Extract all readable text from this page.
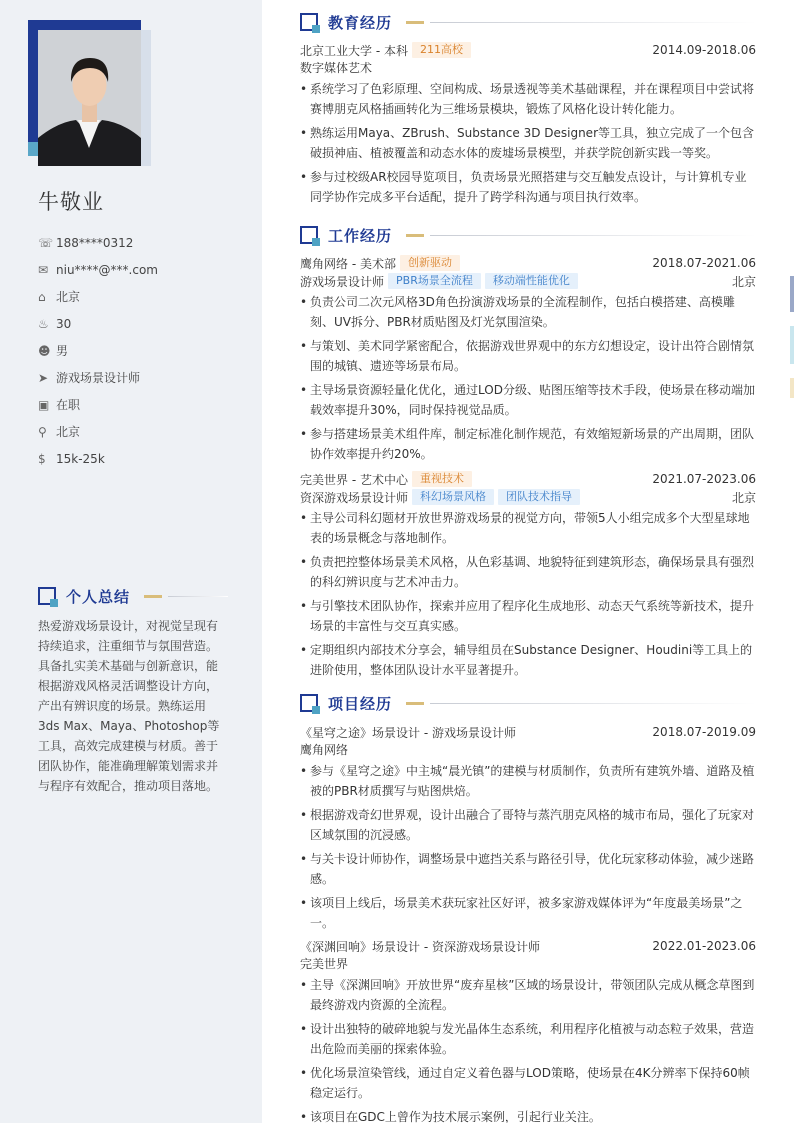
牛敬业
☏ 188****0312
✉ niu****@***.com
⌂ 北京
♨ 30
☻ 男
➤ 游戏场景设计师
▣ 在职
⚲ 北京
$ 15k-25k
个人总结
热爱游戏场景设计，对视觉呈现有持续追求，注重细节与氛围营造。具备扎实美术基础与创新意识，能根据游戏风格灵活调整设计方向，产出有辨识度的场景。熟练运用3ds Max、Maya、Photoshop等工具，高效完成建模与材质。善于团队协作，能准确理解策划需求并与程序有效配合，推动项目落地。
教育经历
北京工业大学 - 本科	211高校	2014.09-2018.06
数字媒体艺术
• 系统学习了色彩原理、空间构成、场景透视等美术基础课程，并在课程项目中尝试将赛博朋克风格插画转化为三维场景模块，锻炼了风格化设计转化能力。
• 熟练运用Maya、ZBrush、Substance 3D Designer等工具，独立完成了一个包含破损神庙、植被覆盖和动态水体的废墟场景模型，并获学院创新实践一等奖。
• 参与过校级AR校园导览项目，负责场景光照搭建与交互触发点设计，与计算机专业同学协作完成多平台适配，提升了跨学科沟通与项目执行效率。
工作经历
鹰角网络 - 美术部	创新驱动	2018.07-2021.06
游戏场景设计师	PBR场景全流程	移动端性能优化	北京
• 负责公司二次元风格3D角色扮演游戏场景的全流程制作，包括白模搭建、高模雕刻、UV拆分、PBR材质贴图及灯光氛围渲染。
• 与策划、美术同学紧密配合，依据游戏世界观中的东方幻想设定，设计出符合剧情氛围的城镇、遗迹等场景布局。
• 主导场景资源轻量化优化，通过LOD分级、贴图压缩等技术手段，使场景在移动端加载效率提升30%，同时保持视觉品质。
• 参与搭建场景美术组件库，制定标准化制作规范，有效缩短新场景的产出周期，团队协作效率提升约20%。
完美世界 - 艺术中心	重视技术	2021.07-2023.06
资深游戏场景设计师	科幻场景风格	团队技术指导	北京
• 主导公司科幻题材开放世界游戏场景的视觉方向，带领5人小组完成多个大型星球地表的场景概念与落地制作。
• 负责把控整体场景美术风格，从色彩基调、地貌特征到建筑形态，确保场景具有强烈的科幻辨识度与艺术冲击力。
• 与引擎技术团队协作，探索并应用了程序化生成地形、动态天气系统等新技术，提升场景的丰富性与交互真实感。
• 定期组织内部技术分享会，辅导组员在Substance Designer、Houdini等工具上的进阶使用，整体团队设计水平显著提升。
项目经历
《星穹之途》场景设计 - 游戏场景设计师	2018.07-2019.09
鹰角网络
• 参与《星穹之途》中主城“晨光镇”的建模与材质制作，负责所有建筑外墙、道路及植被的PBR材质撰写与贴图烘焙。
• 根据游戏奇幻世界观，设计出融合了哥特与蒸汽朋克风格的城市布局，强化了玩家对区域氛围的沉浸感。
• 与关卡设计师协作，调整场景中遮挡关系与路径引导，优化玩家移动体验，减少迷路感。
• 该项目上线后，场景美术获玩家社区好评，被多家游戏媒体评为“年度最美场景”之一。
《深渊回响》场景设计 - 资深游戏场景设计师	2022.01-2023.06
完美世界
• 主导《深渊回响》开放世界“废弃星核”区域的场景设计，带领团队完成从概念草图到最终游戏内资源的全流程。
• 设计出独特的破碎地貌与发光晶体生态系统，利用程序化植被与动态粒子效果，营造出危险而美丽的探索体验。
• 优化场景渲染管线，通过自定义着色器与LOD策略，使场景在4K分辨率下保持60帧稳定运行。
• 该项目在GDC上曾作为技术展示案例，引起行业关注。
